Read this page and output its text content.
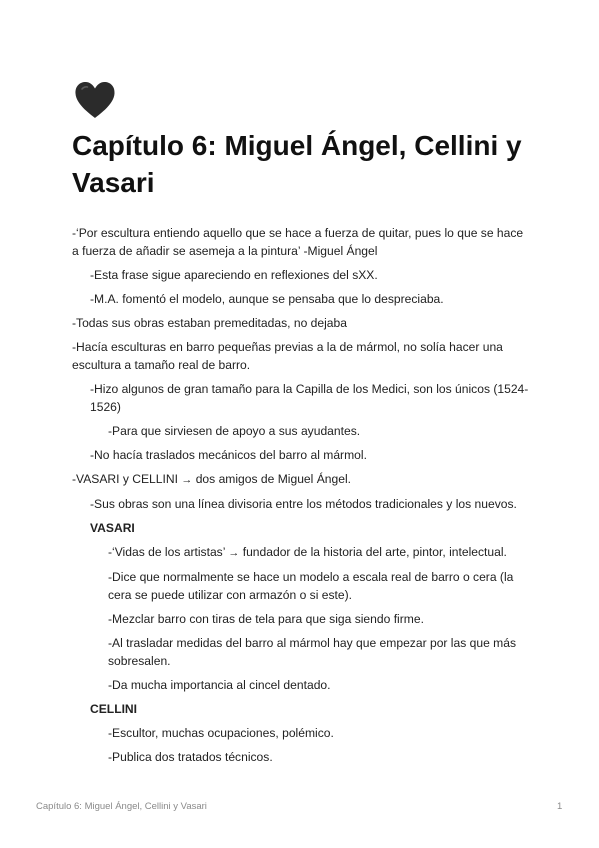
Capítulo 6: Miguel Ángel, Cellini y Vasari
-‘Por escultura entiendo aquello que se hace a fuerza de quitar, pues lo que se hace a fuerza de añadir se asemeja a la pintura’ -Miguel Ángel
-Esta frase sigue apareciendo en reflexiones del sXX.
-M.A. fomentó el modelo, aunque se pensaba que lo despreciaba.
-Todas sus obras estaban premeditadas, no dejaba
-Hacía esculturas en barro pequeñas previas a la de mármol, no solía hacer una escultura a tamaño real de barro.
-Hizo algunos de gran tamaño para la Capilla de los Medici, son los únicos (1524-1526)
-Para que sirviesen de apoyo a sus ayudantes.
-No hacía traslados mecánicos del barro al mármol.
-VASARI y CELLINI → dos amigos de Miguel Ángel.
-Sus obras son una línea divisoria entre los métodos tradicionales y los nuevos.
VASARI
-‘Vidas de los artistas’ → fundador de la historia del arte, pintor, intelectual.
-Dice que normalmente se hace un modelo a escala real de barro o cera (la cera se puede utilizar con armazón o si este).
-Mezclar barro con tiras de tela para que siga siendo firme.
-Al trasladar medidas del barro al mármol hay que empezar por las que más sobresalen.
-Da mucha importancia al cincel dentado.
CELLINI
-Escultor, muchas ocupaciones, polémico.
-Publica dos tratados técnicos.
Capítulo 6: Miguel Ángel, Cellini y Vasari	1
